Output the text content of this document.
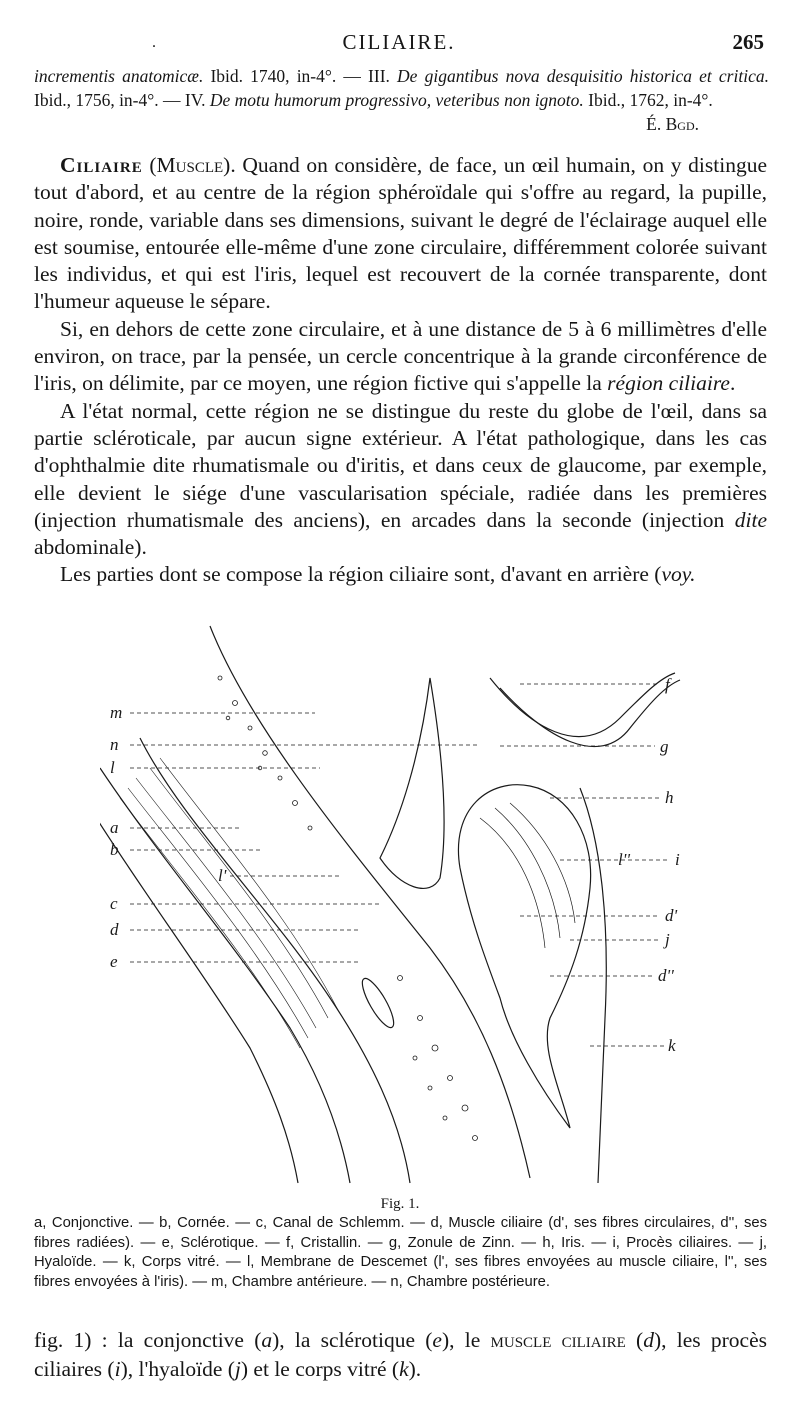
.	CILIAIRE.	265
incrementis anatomicæ. Ibid. 1740, in-4°. — III. De gigantibus nova desquisitio historica et critica. Ibid., 1756, in-4°. — IV. De motu humorum progressivo, veteribus non ignoto. Ibid., 1762, in-4°.
É. Bgd.

Ciliaire (Muscle). Quand on considère, de face, un œil humain, on y distingue tout d'abord, et au centre de la région sphéroïdale qui s'offre au regard, la pupille, noire, ronde, variable dans ses dimensions, suivant le degré de l'éclairage auquel elle est soumise, entourée elle-même d'une zone circulaire, différemment colorée suivant les individus, et qui est l'iris, lequel est recouvert de la cornée transparente, dont l'humeur aqueuse le sépare.

Si, en dehors de cette zone circulaire, et à une distance de 5 à 6 millimètres d'elle environ, on trace, par la pensée, un cercle concentrique à la grande circonférence de l'iris, on délimite, par ce moyen, une région fictive qui s'appelle la région ciliaire.

A l'état normal, cette région ne se distingue du reste du globe de l'œil, dans sa partie scléroticale, par aucun signe extérieur. A l'état pathologique, dans les cas d'ophthalmie dite rhumatismale ou d'iritis, et dans ceux de glaucome, par exemple, elle devient le siége d'une vascularisation spéciale, radiée dans les premières (injection rhumatismale des anciens), en arcades dans la seconde (injection dite abdominale).

Les parties dont se compose la région ciliaire sont, d'avant en arrière (voy.

m
n
l
a
b
l'
c
d
e
f
g
h
l''	i
d'
j
d''
k
Fig. 1.
a, Conjonctive. — b, Cornée. — c, Canal de Schlemm. — d, Muscle ciliaire (d', ses fibres circulaires, d'', ses fibres radiées). — e, Sclérotique. — f, Cristallin. — g, Zonule de Zinn. — h, Iris. — i, Procès ciliaires. — j, Hyaloïde. — k, Corps vitré. — l, Membrane de Descemet (l', ses fibres envoyées au muscle ciliaire, l'', ses fibres envoyées à l'iris). — m, Chambre antérieure. — n, Chambre postérieure.
fig. 1) : la conjonctive (a), la sclérotique (e), le muscle ciliaire (d), les procès ciliaires (i), l'hyaloïde (j) et le corps vitré (k).
